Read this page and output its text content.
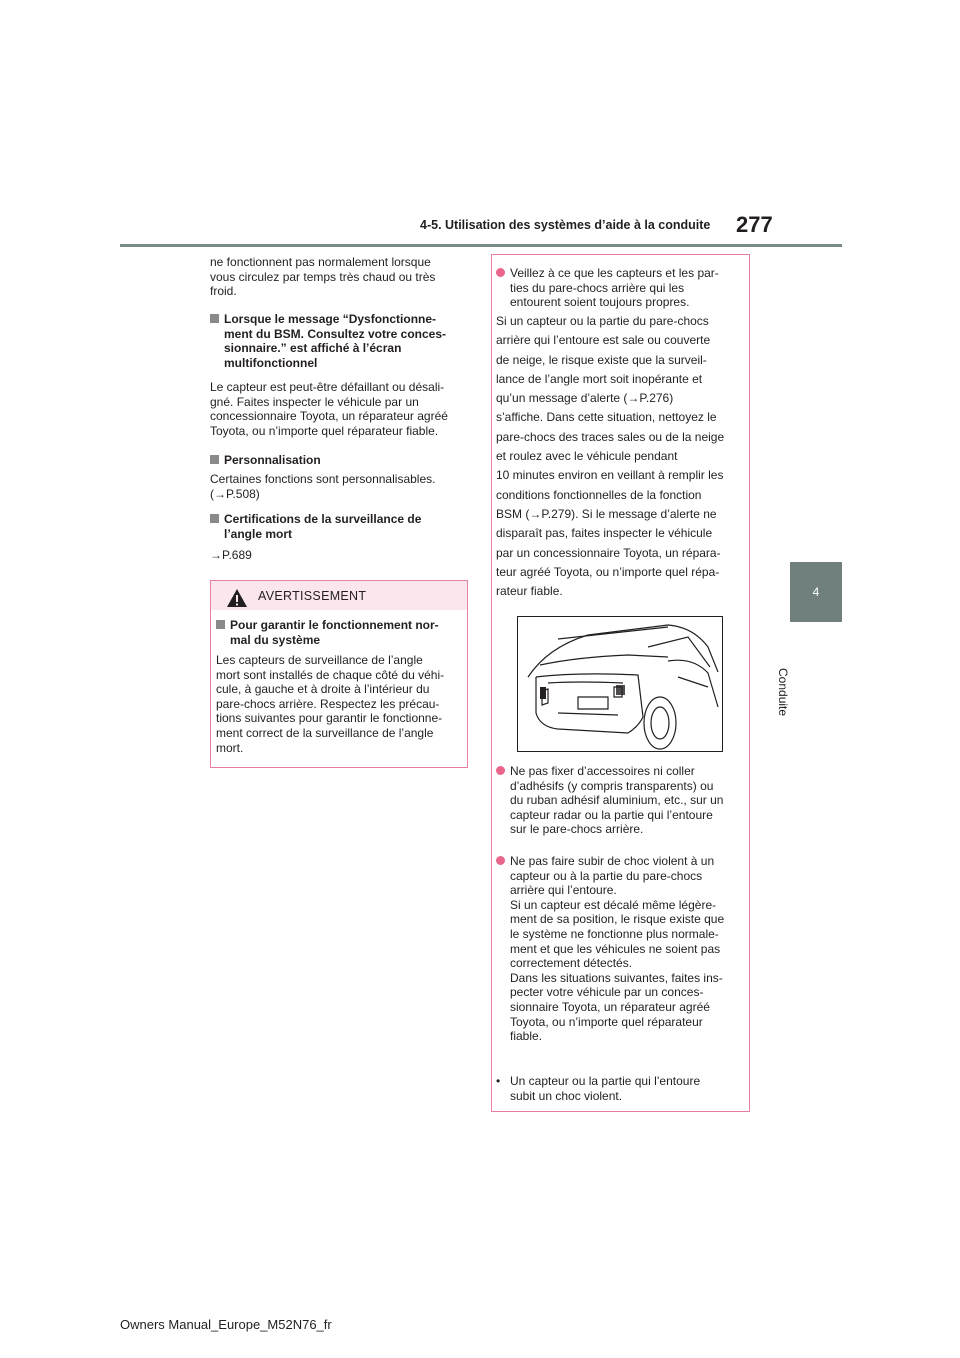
4-5. Utilisation des systèmes d’aide à la conduite 277
4
Conduite
ne fonctionnent pas normalement lorsque
vous circulez par temps très chaud ou très
froid.
Lorsque le message “Dysfonctionne-
ment du BSM. Consultez votre conces-
sionnaire.” est affiché à l’écran
multifonctionnel
Le capteur est peut-être défaillant ou désali-
gné. Faites inspecter le véhicule par un
concessionnaire Toyota, un réparateur agréé
Toyota, ou n’importe quel réparateur fiable.
Personnalisation
Certaines fonctions sont personnalisables.
(→P.508)
Certifications de la surveillance de
l’angle mort
→P.689
AVERTISSEMENT
Pour garantir le fonctionnement nor-
mal du système
Les capteurs de surveillance de l’angle
mort sont installés de chaque côté du véhi-
cule, à gauche et à droite à l’intérieur du
pare-chocs arrière. Respectez les précau-
tions suivantes pour garantir le fonctionne-
ment correct de la surveillance de l’angle
mort.
Veillez à ce que les capteurs et les par-
ties du pare-chocs arrière qui les
entourent soient toujours propres.
Si un capteur ou la partie du pare-chocs
arrière qui l’entoure est sale ou couverte
de neige, le risque existe que la surveil-
lance de l’angle mort soit inopérante et
qu’un message d’alerte (→P.276)
s’affiche. Dans cette situation, nettoyez le
pare-chocs des traces sales ou de la neige
et roulez avec le véhicule pendant
10 minutes environ en veillant à remplir les
conditions fonctionnelles de la fonction
BSM (→P.279). Si le message d’alerte ne
disparaît pas, faites inspecter le véhicule
par un concessionnaire Toyota, un répara-
teur agréé Toyota, ou n’importe quel répa-
rateur fiable.
Ne pas fixer d’accessoires ni coller
d’adhésifs (y compris transparents) ou
du ruban adhésif aluminium, etc., sur un
capteur radar ou la partie qui l’entoure
sur le pare-chocs arrière.
Ne pas faire subir de choc violent à un
capteur ou à la partie du pare-chocs
arrière qui l’entoure.
Si un capteur est décalé même légère-
ment de sa position, le risque existe que
le système ne fonctionne plus normale-
ment et que les véhicules ne soient pas
correctement détectés.
Dans les situations suivantes, faites ins-
pecter votre véhicule par un conces-
sionnaire Toyota, un réparateur agréé
Toyota, ou n’importe quel réparateur
fiable.
• Un capteur ou la partie qui l’entoure
subit un choc violent.
Owners Manual_Europe_M52N76_fr
